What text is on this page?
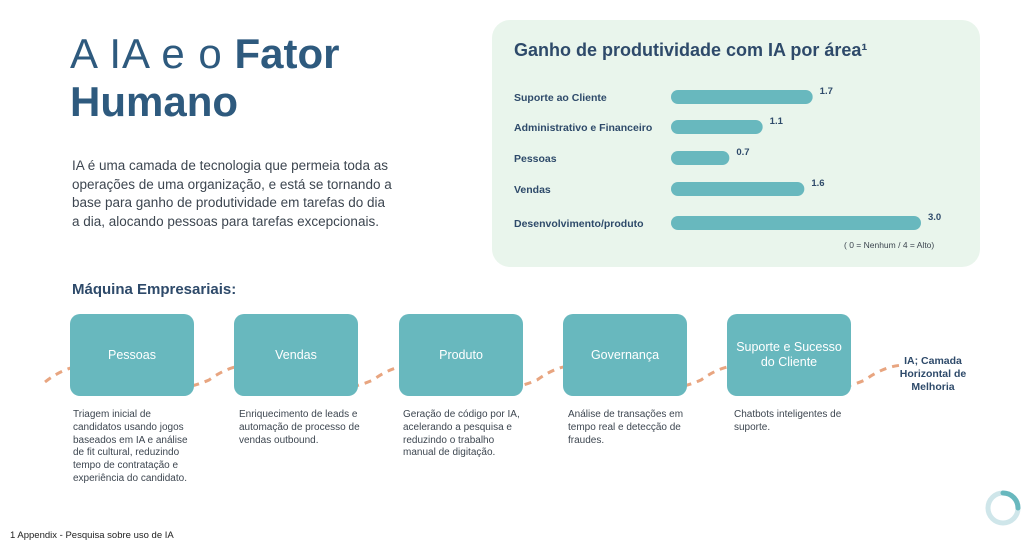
A IA e o Fator
Humano

IA é uma camada de tecnologia que permeia toda as operações de uma organização, e está se tornando a base para ganho de produtividade em tarefas do dia a dia, alocando pessoas para tarefas excepcionais.

Ganho de produtividade com IA por área¹
Suporte ao Cliente
1.7
Administrativo e Financeiro
1.1
Pessoas
0.7
Vendas
1.6
Desenvolvimento/produto
3.0
( 0 = Nenhum / 4 = Alto)
Máquina Empresariais:
Pessoas	Vendas	Produto	Governança
Suporte e Sucesso do Cliente	IA; Camada Horizontal de Melhoria

Triagem inicial de candidatos usando jogos baseados em IA e análise de fit cultural, reduzindo tempo de contratação e experiência do candidato.

Enriquecimento de leads e automação de processo de vendas outbound.

Geração de código por IA, acelerando a pesquisa e reduzindo o trabalho manual de digitação.

Análise de transações em tempo real e detecção de fraudes.

Chatbots inteligentes de suporte.

1 Appendix - Pesquisa sobre uso de IA
